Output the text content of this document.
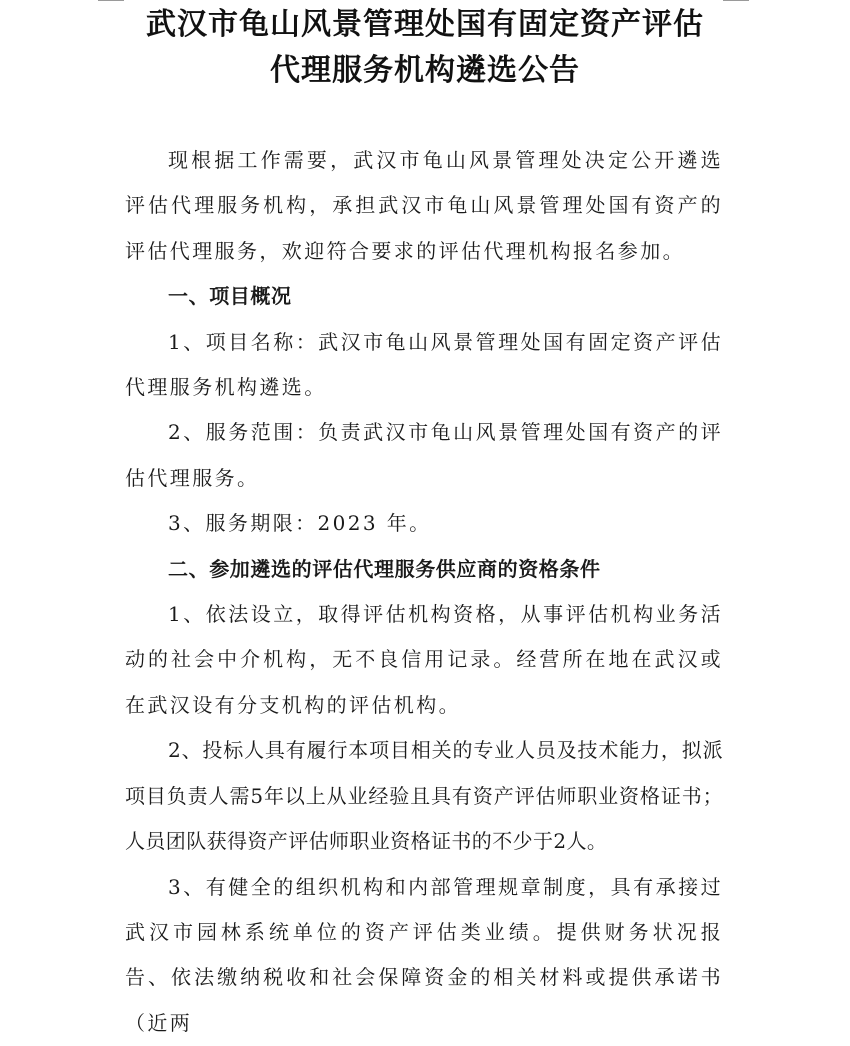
武汉市龟山风景管理处国有固定资产评估
代理服务机构遴选公告

现根据工作需要，武汉市龟山风景管理处决定公开遴选评估代理服务机构，承担武汉市龟山风景管理处国有资产的评估代理服务，欢迎符合要求的评估代理机构报名参加。

一、项目概况

1、项目名称：武汉市龟山风景管理处国有固定资产评估代理服务机构遴选。

2、服务范围：负责武汉市龟山风景管理处国有资产的评估代理服务。

3、服务期限：2023 年。

二、参加遴选的评估代理服务供应商的资格条件

1、依法设立，取得评估机构资格，从事评估机构业务活动的社会中介机构，无不良信用记录。经营所在地在武汉或在武汉设有分支机构的评估机构。

2、投标人具有履行本项目相关的专业人员及技术能力，拟派项目负责人需5年以上从业经验且具有资产评估师职业资格证书；人员团队获得资产评估师职业资格证书的不少于2人。

3、有健全的组织机构和内部管理规章制度，具有承接过武汉市园林系统单位的资产评估类业绩。提供财务状况报告、依法缴纳税收和社会保障资金的相关材料或提供承诺书（近两
